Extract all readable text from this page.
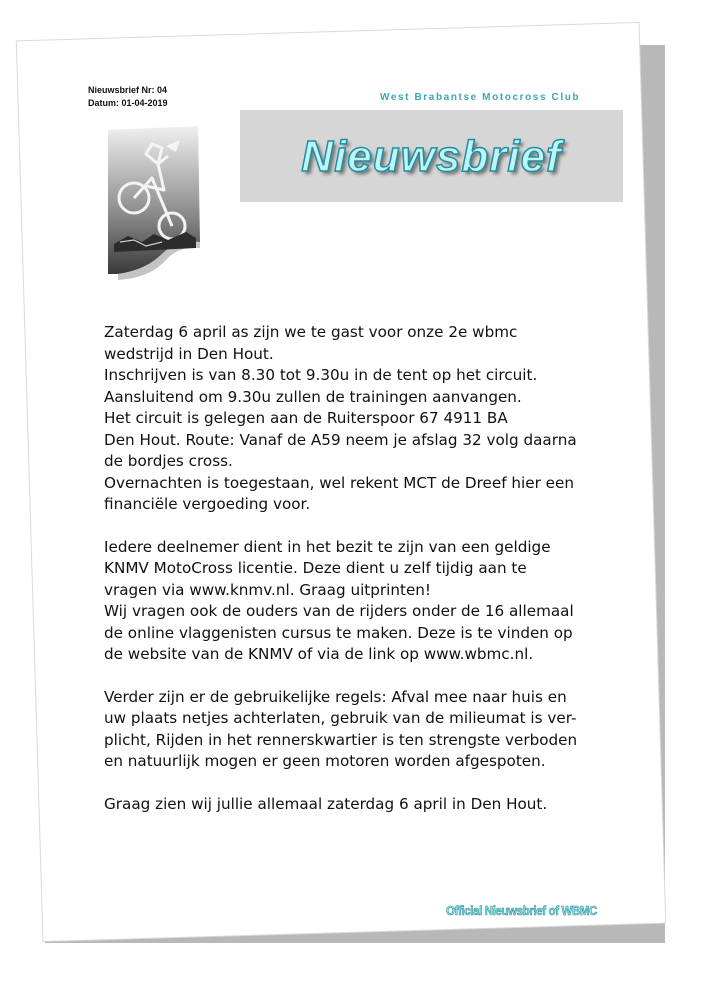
Nieuwsbrief Nr: 04
Datum: 01-04-2019	West Brabantse Motocross Club
Nieuwsbrief

Zaterdag 6 april as zijn we te gast voor onze 2e wbmc
wedstrijd in Den Hout.
Inschrijven is van 8.30 tot 9.30u in de tent op het circuit.
Aansluitend om 9.30u zullen de trainingen aanvangen.
Het circuit is gelegen aan de Ruiterspoor 67 4911 BA
Den Hout. Route: Vanaf de A59 neem je afslag 32 volg daarna
de bordjes cross.
Overnachten is toegestaan, wel rekent MCT de Dreef hier een
financiële vergoeding voor.

Iedere deelnemer dient in het bezit te zijn van een geldige
KNMV MotoCross licentie. Deze dient u zelf tijdig aan te
vragen via www.knmv.nl. Graag uitprinten!
Wij vragen ook de ouders van de rijders onder de 16 allemaal
de online vlaggenisten cursus te maken. Deze is te vinden op
de website van de KNMV of via de link op www.wbmc.nl.

Verder zijn er de gebruikelijke regels: Afval mee naar huis en
uw plaats netjes achterlaten, gebruik van de milieumat is ver-
plicht, Rijden in het rennerskwartier is ten strengste verboden
en natuurlijk mogen er geen motoren worden afgespoten.

Graag zien wij jullie allemaal zaterdag 6 april in Den Hout.

Official Nieuwsbrief of WBMC
